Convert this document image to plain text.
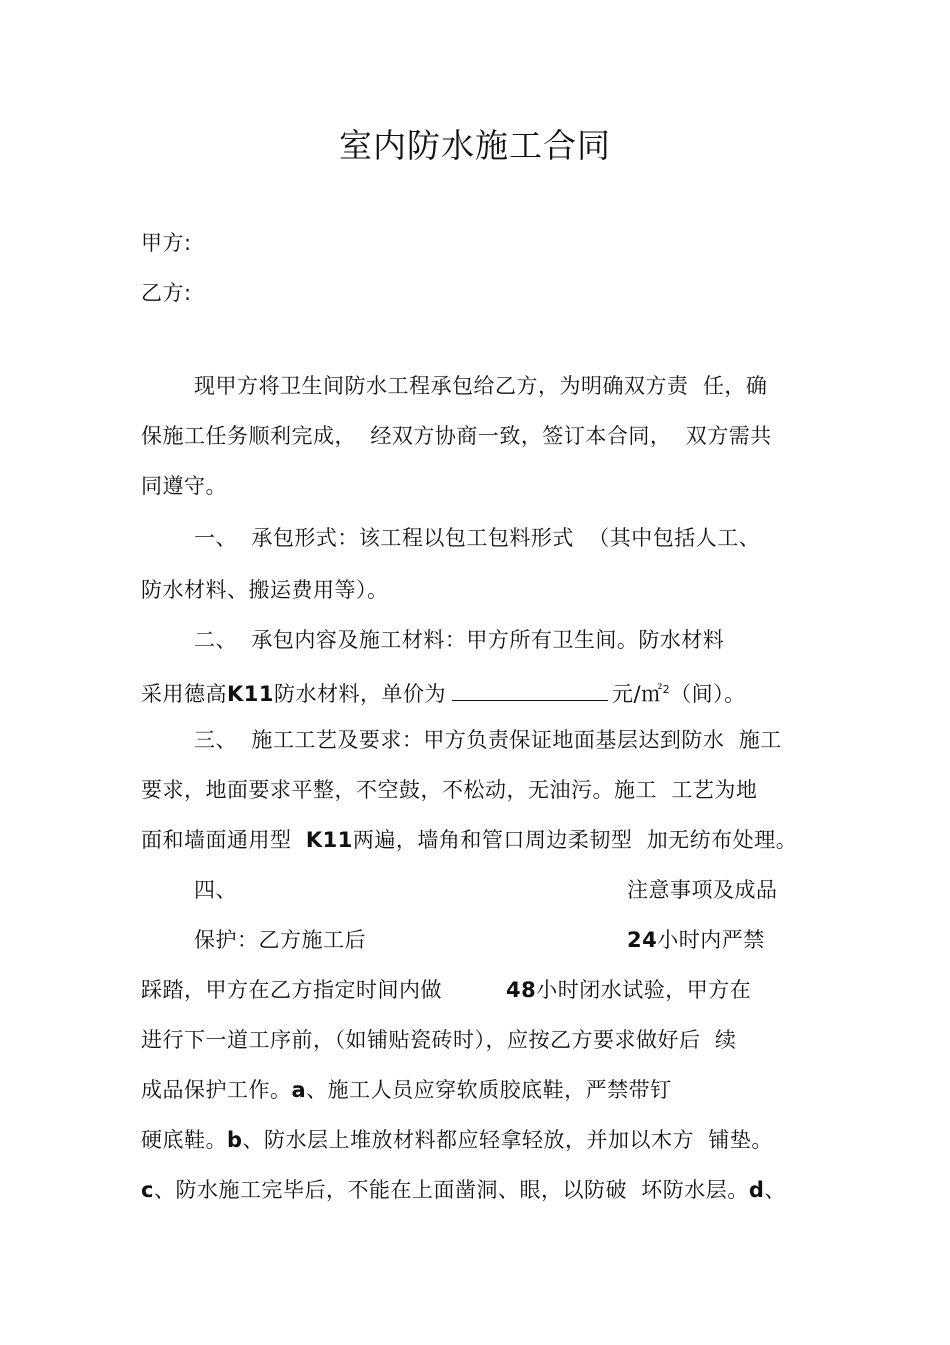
室内防水施工合同
甲方:
乙方:
现甲方将卫生间防水工程承包给乙方，为明确双方责  任，确
保施工任务顺利完成，  经双方协商一致，签订本合同，  双方需共
同遵守。
一、  承包形式：该工程以包工包料形式  （其中包括人工、
防水材料、搬运费用等）。
二、  承包内容及施工材料：甲方所有卫生间。防水材料
采用德高K11防水材料，单价为	元/㎡$^2$（间）。
三、  施工工艺及要求：甲方负责保证地面基层达到防水  施工
要求，地面要求平整，不空鼓，不松动，无油污。施工  工艺为地
面和墙面通用型  K11两遍，墙角和管口周边柔韧型  加无纺布处理。
四、	注意事项及成品
保护：乙方施工后	24小时内严禁
踩踏，甲方在乙方指定时间内做	48小时闭水试验，甲方在
进行下一道工序前，（如铺贴瓷砖时），应按乙方要求做好后  续
成品保护工作。a、施工人员应穿软质胶底鞋，严禁带钉
硬底鞋。b、防水层上堆放材料都应轻拿轻放，并加以木方  铺垫。
c、防水施工完毕后，不能在上面凿洞、眼，以防破  坏防水层。d、
